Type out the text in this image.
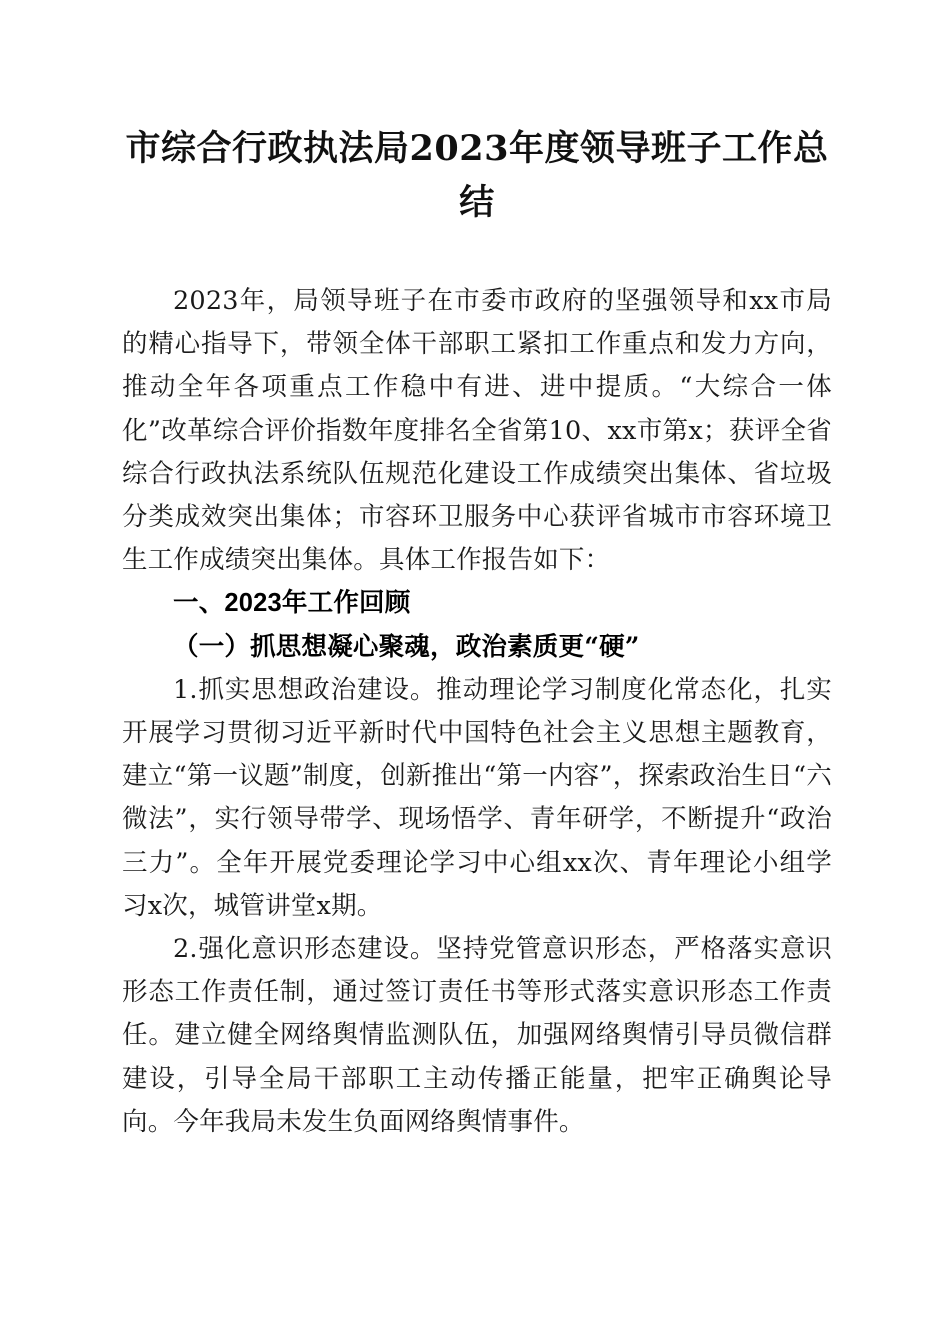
市综合行政执法局2023年度领导班子工作总结

2023年，局领导班子在市委市政府的坚强领导和xx市局的精心指导下，带领全体干部职工紧扣工作重点和发力方向，推动全年各项重点工作稳中有进、进中提质。“大综合一体化”改革综合评价指数年度排名全省第10、xx市第x；获评全省综合行政执法系统队伍规范化建设工作成绩突出集体、省垃圾分类成效突出集体；市容环卫服务中心获评省城市市容环境卫生工作成绩突出集体。具体工作报告如下：

一、2023年工作回顾
（一）抓思想凝心聚魂，政治素质更“硬”

1.抓实思想政治建设。推动理论学习制度化常态化，扎实开展学习贯彻习近平新时代中国特色社会主义思想主题教育，建立“第一议题”制度，创新推出“第一内容”，探索政治生日“六微法”，实行领导带学、现场悟学、青年研学，不断提升“政治三力”。全年开展党委理论学习中心组xx次、青年理论小组学习x次，城管讲堂x期。

2.强化意识形态建设。坚持党管意识形态，严格落实意识形态工作责任制，通过签订责任书等形式落实意识形态工作责任。建立健全网络舆情监测队伍，加强网络舆情引导员微信群建设，引导全局干部职工主动传播正能量，把牢正确舆论导向。今年我局未发生负面网络舆情事件。
